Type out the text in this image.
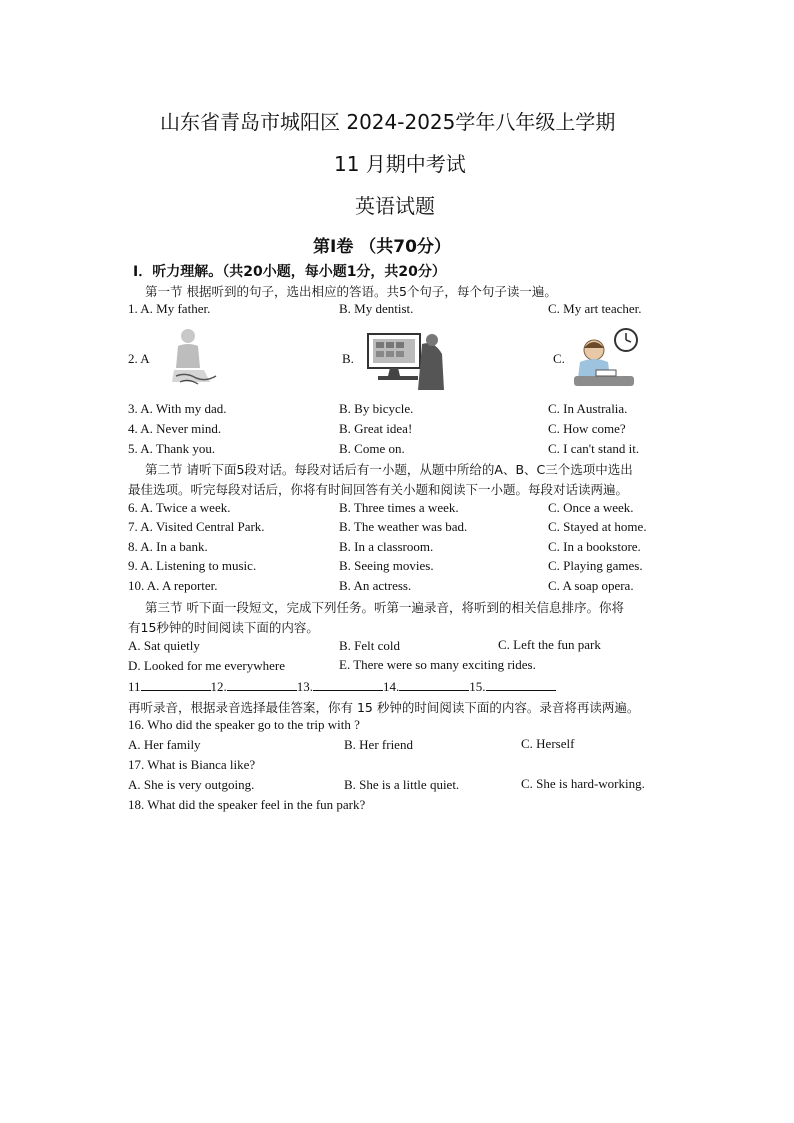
山东省青岛市城阳区 2024-2025学年八年级上学期
11 月期中考试
英语试题
第Ⅰ卷 （共70分）
Ⅰ．听力理解。（共20小题，每小题1分，共20分）
第一节 根据听到的句子，选出相应的答语。共5个句子，每个句子读一遍。
1. A. My father.	B. My dentist.	C. My art teacher.
2. A	B.	C.
3. A. With my dad.	B. By bicycle.	C. In Australia.
4. A. Never mind.	B. Great idea!	C. How come?
5. A. Thank you.	B. Come on.	C. I can't stand it.
第二节 请听下面5段对话。每段对话后有一小题，从题中所给的A、B、C三个选项中选出
最佳选项。听完每段对话后，你将有时间回答有关小题和阅读下一小题。每段对话读两遍。
6. A. Twice a week.	B. Three times a week.	C. Once a week.
7. A. Visited Central Park.	B. The weather was bad.	C. Stayed at home.
8. A. In a bank.	B. In a classroom.	C. In a bookstore.
9. A. Listening to music.	B. Seeing movies.	C. Playing games.
10. A. A reporter.	B. An actress.	C. A soap opera.
第三节 听下面一段短文，完成下列任务。听第一遍录音，将听到的相关信息排序。你将
有15秒钟的时间阅读下面的内容。
A. Sat quietly	B. Felt cold	C. Left the fun park
D. Looked for me everywhere	E. There were so many exciting rides.
11	12.	13.	14.	15.
再听录音，根据录音选择最佳答案，你有 15 秒钟的时间阅读下面的内容。录音将再读两遍。
16. Who did the speaker go to the trip with ?
A. Her family	B. Her friend	C. Herself
17. What is Bianca like?
A. She is very outgoing.	B. She is a little quiet.	C. She is hard-working.
18. What did the speaker feel in the fun park?
